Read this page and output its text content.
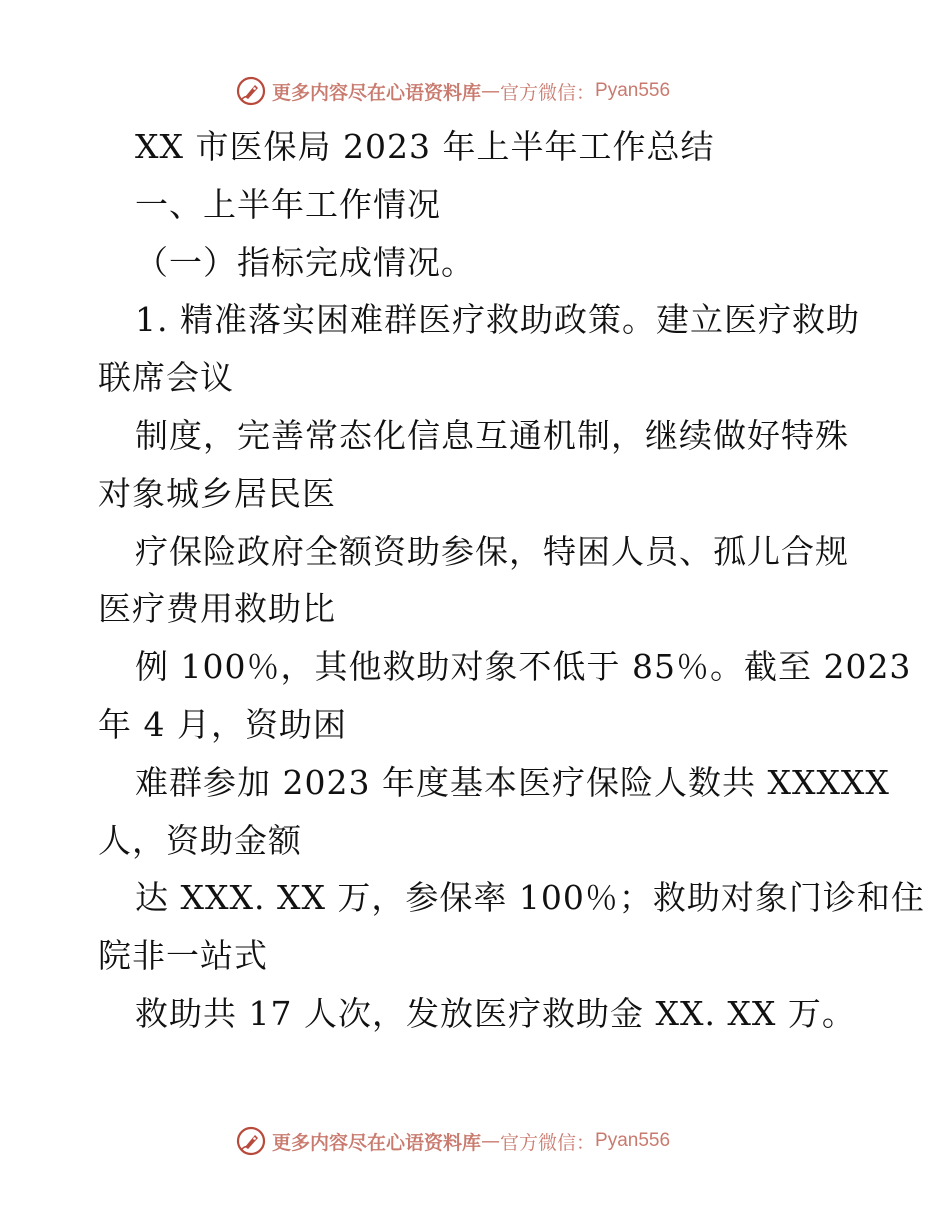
更多内容尽在心语资料库 — 官方微信： Pyan556
XX 市医保局 2023 年上半年工作总结
一、上半年工作情况
（一）指标完成情况。
1. 精准落实困难群医疗救助政策。建立医疗救助
联席会议
制度，完善常态化信息互通机制，继续做好特殊
对象城乡居民医
疗保险政府全额资助参保，特困人员、孤儿合规
医疗费用救助比
例 100％，其他救助对象不低于 85％。截至 2023
年 4 月，资助困
难群参加 2023 年度基本医疗保险人数共 XXXXX
人，资助金额
达 XXX. XX 万，参保率 100％；救助对象门诊和住
院非一站式
救助共 17 人次，发放医疗救助金 XX. XX 万。
更多内容尽在心语资料库 — 官方微信： Pyan556
